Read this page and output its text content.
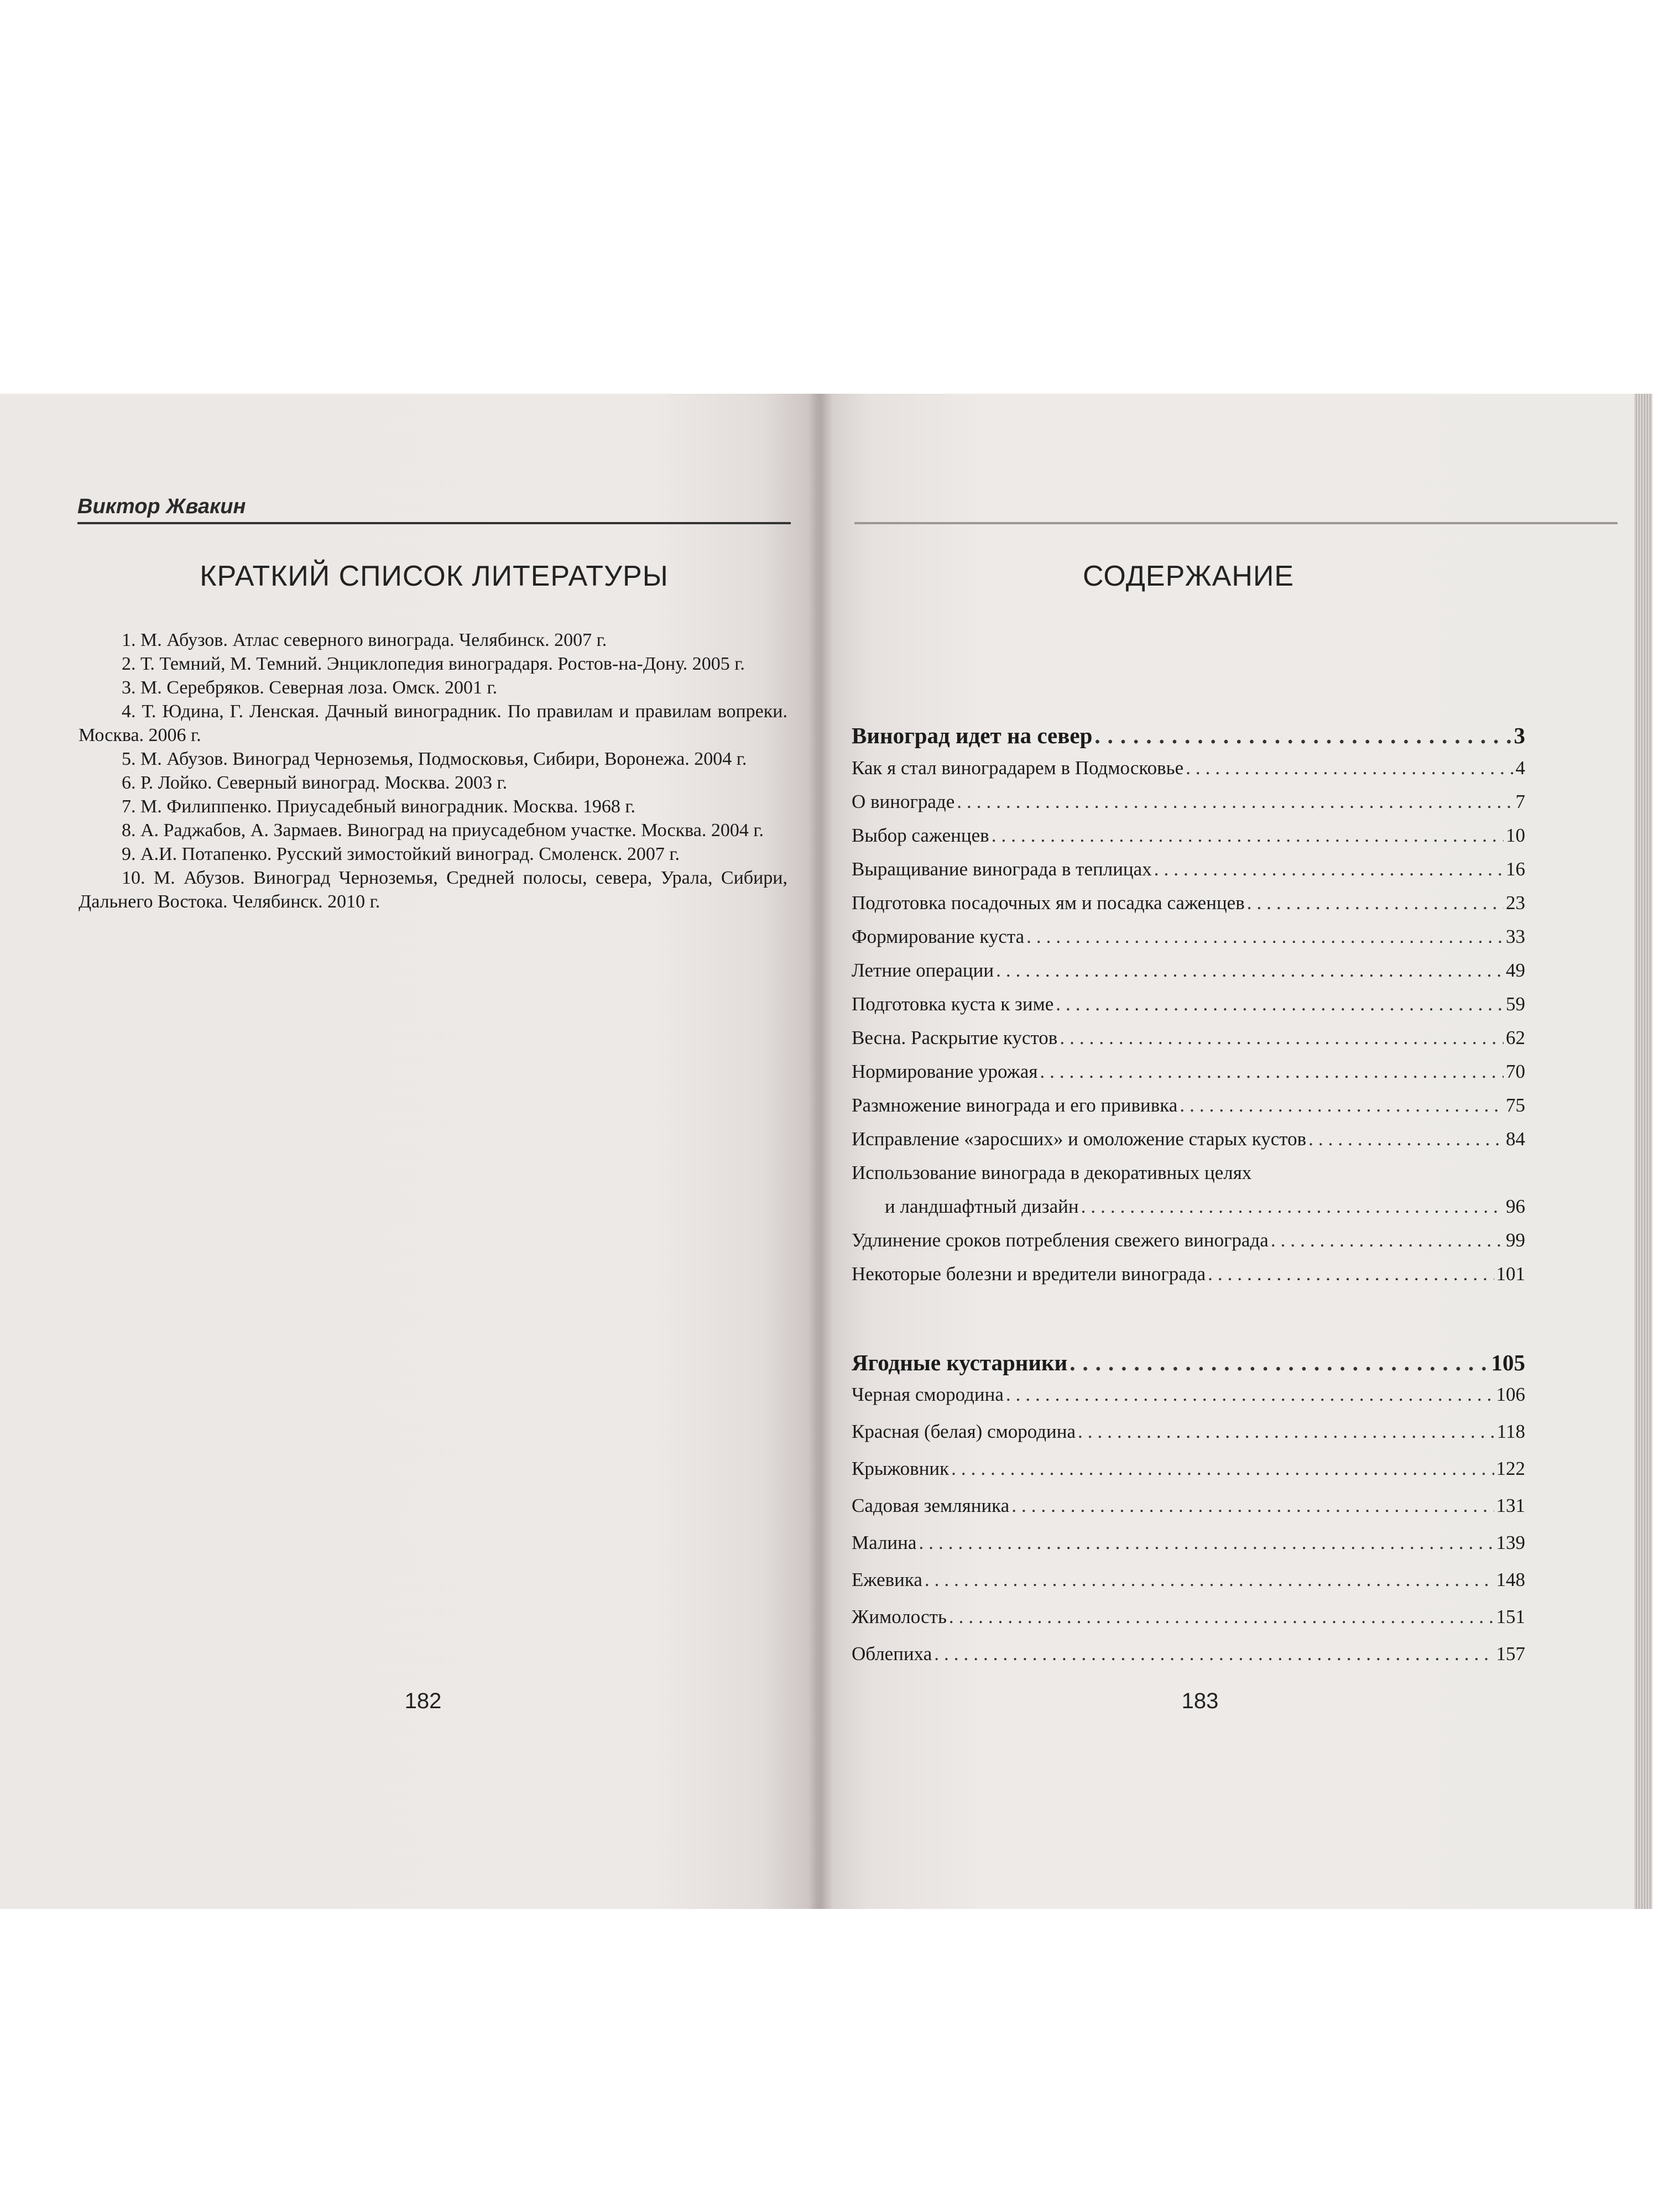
Виктор Жвакин
КРАТКИЙ СПИСОК ЛИТЕРАТУРЫ

1. М. Абузов. Атлас северного винограда. Челябинск. 2007 г.

2. Т. Темний, М. Темний. Энциклопедия виноградаря. Ростов-на-Дону. 2005 г.

3. М. Серебряков. Северная лоза. Омск. 2001 г.

4. Т. Юдина, Г. Ленская. Дачный виноградник. По правилам и правилам вопреки. Москва. 2006 г.

5. М. Абузов. Виноград Черноземья, Подмосковья, Сибири, Воронежа. 2004 г.

6. Р. Лойко. Северный виноград. Москва. 2003 г.

7. М. Филиппенко. Приусадебный виноградник. Москва. 1968 г.

8. А. Раджабов, А. Зармаев. Виноград на приусадебном участке. Москва. 2004 г.

9. А.И. Потапенко. Русский зимостойкий виноград. Смоленск. 2007 г.

10. М. Абузов. Виноград Черноземья, Средней полосы, севера, Урала, Сибири, Дальнего Востока. Челябинск. 2010 г.

182
СОДЕРЖАНИЕ
Виноград идет на север .....	3
Как я стал виноградарем в Подмосковье .....	4
О винограде .....	7
Выбор саженцев .....	10
Выращивание винограда в теплицах .....	16
Подготовка посадочных ям и посадка саженцев .....	23
Формирование куста .....	33
Летние операции .....	49
Подготовка куста к зиме .....	59
Весна. Раскрытие кустов .....	62
Нормирование урожая .....	70
Размножение винограда и его прививка .....	75
Исправление «заросших» и омоложение старых кустов .....	84
Использование винограда в декоративных целях
и ландшафтный дизайн .....	96
Удлинение сроков потребления свежего винограда .....	99
Некоторые болезни и вредители винограда .....	101
Ягодные кустарники .....	105
Черная смородина .....	106
Красная (белая) смородина .....	118
Крыжовник .....	122
Садовая земляника .....	131
Малина .....	139
Ежевика .....	148
Жимолость .....	151
Облепиха .....	157
183
